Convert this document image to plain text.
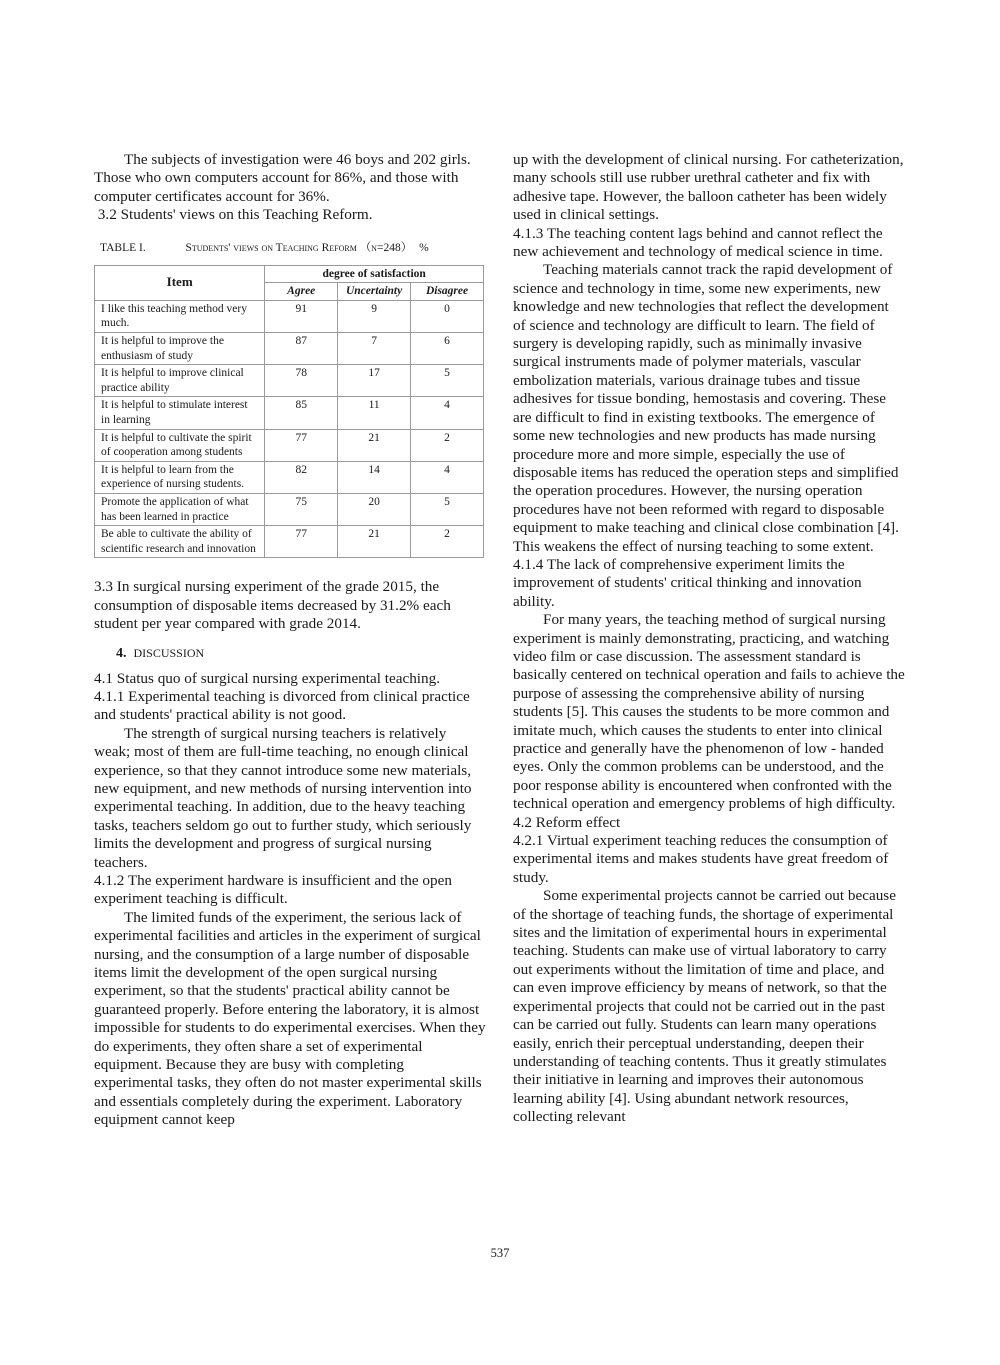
The subjects of investigation were 46 boys and 202 girls. Those who own computers account for 86%, and those with computer certificates account for 36%.

3.2 Students' views on this Teaching Reform.

TABLE I.	Students' views on Teaching Reform （n=248） %
Item	degree of satisfaction		
	Agree	Uncertainty	Disagree
I like this teaching method very much.	91	9	0
It is helpful to improve the enthusiasm of study	87	7	6
It is helpful to improve clinical practice ability	78	17	5
It is helpful to stimulate interest in learning	85	11	4
It is helpful to cultivate the spirit of cooperation among students	77	21	2
It is helpful to learn from the experience of nursing students.	82	14	4
Promote the application of what has been learned in practice	75	20	5
Be able to cultivate the ability of scientific research and innovation	77	21	2

3.3 In surgical nursing experiment of the grade 2015, the consumption of disposable items decreased by 31.2% each student per year compared with grade 2014.

4. DISCUSSION

4.1 Status quo of surgical nursing experimental teaching.

4.1.1 Experimental teaching is divorced from clinical practice and students' practical ability is not good.

The strength of surgical nursing teachers is relatively weak; most of them are full-time teaching, no enough clinical experience, so that they cannot introduce some new materials, new equipment, and new methods of nursing intervention into experimental teaching. In addition, due to the heavy teaching tasks, teachers seldom go out to further study, which seriously limits the development and progress of surgical nursing teachers.

4.1.2 The experiment hardware is insufficient and the open experiment teaching is difficult.

The limited funds of the experiment, the serious lack of experimental facilities and articles in the experiment of surgical nursing, and the consumption of a large number of disposable items limit the development of the open surgical nursing experiment, so that the students' practical ability cannot be guaranteed properly. Before entering the laboratory, it is almost impossible for students to do experimental exercises. When they do experiments, they often share a set of experimental equipment. Because they are busy with completing experimental tasks, they often do not master experimental skills and essentials completely during the experiment. Laboratory equipment cannot keep

up with the development of clinical nursing. For catheterization, many schools still use rubber urethral catheter and fix with adhesive tape. However, the balloon catheter has been widely used in clinical settings.

4.1.3 The teaching content lags behind and cannot reflect the new achievement and technology of medical science in time.

Teaching materials cannot track the rapid development of science and technology in time, some new experiments, new knowledge and new technologies that reflect the development of science and technology are difficult to learn. The field of surgery is developing rapidly, such as minimally invasive surgical instruments made of polymer materials, vascular embolization materials, various drainage tubes and tissue adhesives for tissue bonding, hemostasis and covering. These are difficult to find in existing textbooks. The emergence of some new technologies and new products has made nursing procedure more and more simple, especially the use of disposable items has reduced the operation steps and simplified the operation procedures. However, the nursing operation procedures have not been reformed with regard to disposable equipment to make teaching and clinical close combination [4]. This weakens the effect of nursing teaching to some extent.

4.1.4 The lack of comprehensive experiment limits the improvement of students' critical thinking and innovation ability.

For many years, the teaching method of surgical nursing experiment is mainly demonstrating, practicing, and watching video film or case discussion. The assessment standard is basically centered on technical operation and fails to achieve the purpose of assessing the comprehensive ability of nursing students [5]. This causes the students to be more common and imitate much, which causes the students to enter into clinical practice and generally have the phenomenon of low - handed eyes. Only the common problems can be understood, and the poor response ability is encountered when confronted with the technical operation and emergency problems of high difficulty.

4.2 Reform effect

4.2.1 Virtual experiment teaching reduces the consumption of experimental items and makes students have great freedom of study.

Some experimental projects cannot be carried out because of the shortage of teaching funds, the shortage of experimental sites and the limitation of experimental hours in experimental teaching. Students can make use of virtual laboratory to carry out experiments without the limitation of time and place, and can even improve efficiency by means of network, so that the experimental projects that could not be carried out in the past can be carried out fully. Students can learn many operations easily, enrich their perceptual understanding, deepen their understanding of teaching contents. Thus it greatly stimulates their initiative in learning and improves their autonomous learning ability [4]. Using abundant network resources, collecting relevant

537
